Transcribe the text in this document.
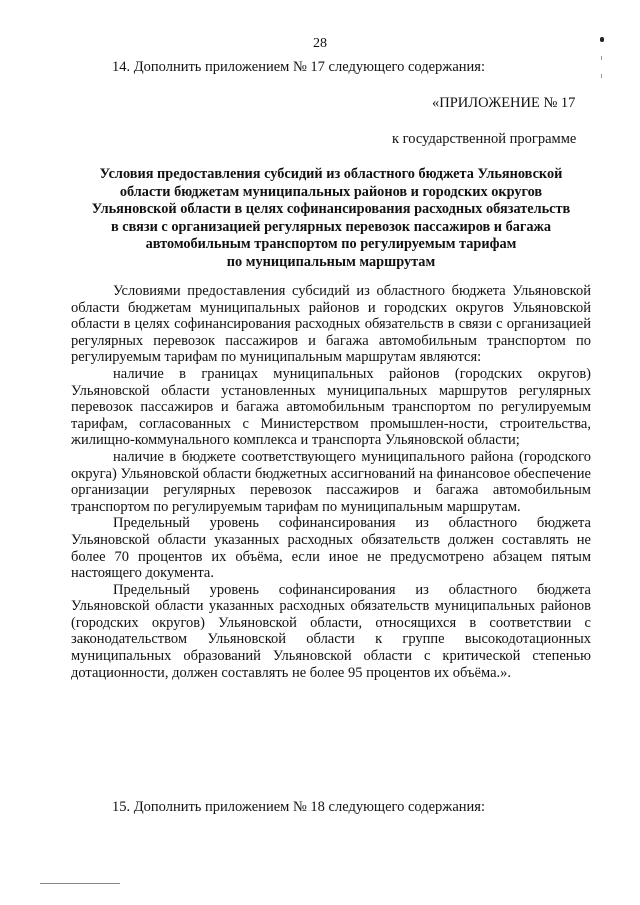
28
14. Дополнить приложением № 17 следующего содержания:
«ПРИЛОЖЕНИЕ № 17
к государственной программе
Условия предоставления субсидий из областного бюджета Ульяновской
области бюджетам муниципальных районов и городских округов
Ульяновской области в целях софинансирования расходных обязательств
в связи с организацией регулярных перевозок пассажиров и багажа
автомобильным транспортом по регулируемым тарифам
по муниципальным маршрутам

Условиями предоставления субсидий из областного бюджета Ульяновской области бюджетам муниципальных районов и городских округов Ульяновской области в целях софинансирования расходных обязательств в связи с организацией регулярных перевозок пассажиров и багажа автомобильным транспортом по регулируемым тарифам по муниципальным маршрутам являются:

наличие в границах муниципальных районов (городских округов) Ульяновской области установленных муниципальных маршрутов регулярных перевозок пассажиров и багажа автомобильным транспортом по регулируемым тарифам, согласованных с Министерством промышлен-ности, строительства, жилищно-коммунального комплекса и транспорта Ульяновской области;

наличие в бюджете соответствующего муниципального района (городского округа) Ульяновской области бюджетных ассигнований на финансовое обеспечение организации регулярных перевозок пассажиров и багажа автомобильным транспортом по регулируемым тарифам по муниципальным маршрутам.

Предельный уровень софинансирования из областного бюджета Ульяновской области указанных расходных обязательств должен составлять не более 70 процентов их объёма, если иное не предусмотрено абзацем пятым настоящего документа.

Предельный уровень софинансирования из областного бюджета Ульяновской области указанных расходных обязательств муниципальных районов (городских округов) Ульяновской области, относящихся в соответствии с законодательством Ульяновской области к группе высокодотационных муниципальных образований Ульяновской области с критической степенью дотационности, должен составлять не более 95 процентов их объёма.».

15. Дополнить приложением № 18 следующего содержания:
